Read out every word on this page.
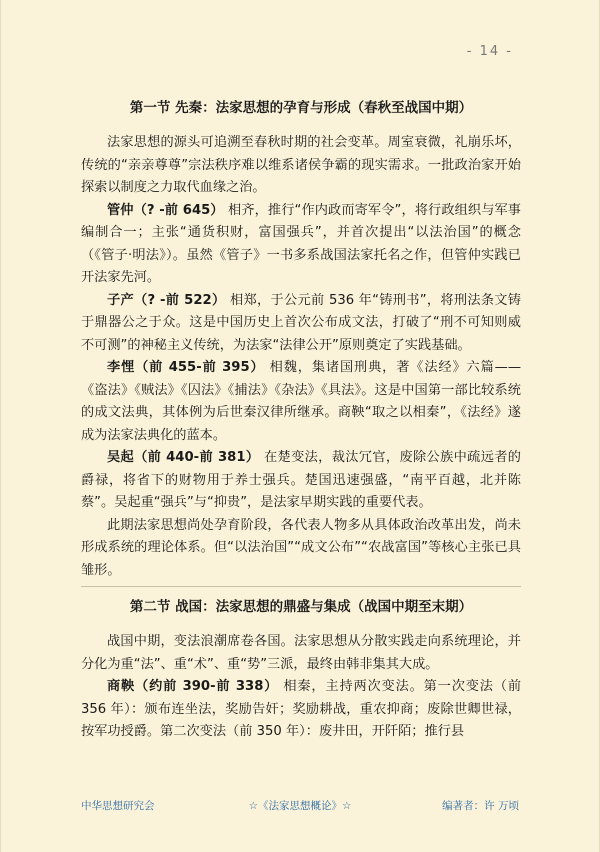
- 14 -
第一节 先秦：法家思想的孕育与形成（春秋至战国中期）

法家思想的源头可追溯至春秋时期的社会变革。周室衰微，礼崩乐坏，传统的“亲亲尊尊”宗法秩序难以维系诸侯争霸的现实需求。一批政治家开始探索以制度之力取代血缘之治。

管仲（? -前 645） 相齐，推行“作内政而寄军令”，将行政组织与军事编制合一；主张“通货积财，富国强兵”，并首次提出“以法治国”的概念（《管子·明法》）。虽然《管子》一书多系战国法家托名之作，但管仲实践已开法家先河。

子产（? -前 522） 相郑，于公元前 536 年“铸刑书”，将刑法条文铸于鼎器公之于众。这是中国历史上首次公布成文法，打破了“刑不可知则威不可测”的神秘主义传统，为法家“法律公开”原则奠定了实践基础。

李悝（前 455-前 395） 相魏，集诸国刑典，著《法经》六篇——《盗法》《贼法》《囚法》《捕法》《杂法》《具法》。这是中国第一部比较系统的成文法典，其体例为后世秦汉律所继承。商鞅“取之以相秦”，《法经》遂成为法家法典化的蓝本。

吴起（前 440-前 381） 在楚变法，裁汰冗官，废除公族中疏远者的爵禄，将省下的财物用于养士强兵。楚国迅速强盛，“南平百越，北并陈蔡”。吴起重“强兵”与“抑贵”，是法家早期实践的重要代表。

此期法家思想尚处孕育阶段，各代表人物多从具体政治改革出发，尚未形成系统的理论体系。但“以法治国”“成文公布”“农战富国”等核心主张已具雏形。

第二节 战国：法家思想的鼎盛与集成（战国中期至末期）

战国中期，变法浪潮席卷各国。法家思想从分散实践走向系统理论，并分化为重“法”、重“术”、重“势”三派，最终由韩非集其大成。

商鞅（约前 390-前 338） 相秦，主持两次变法。第一次变法（前 356 年）：颁布连坐法，奖励告奸；奖励耕战，重农抑商；废除世卿世禄，按军功授爵。第二次变法（前 350 年）：废井田，开阡陌；推行县

中华思想研究会	☆《法家思想概论》☆	编著者：许 万顷
